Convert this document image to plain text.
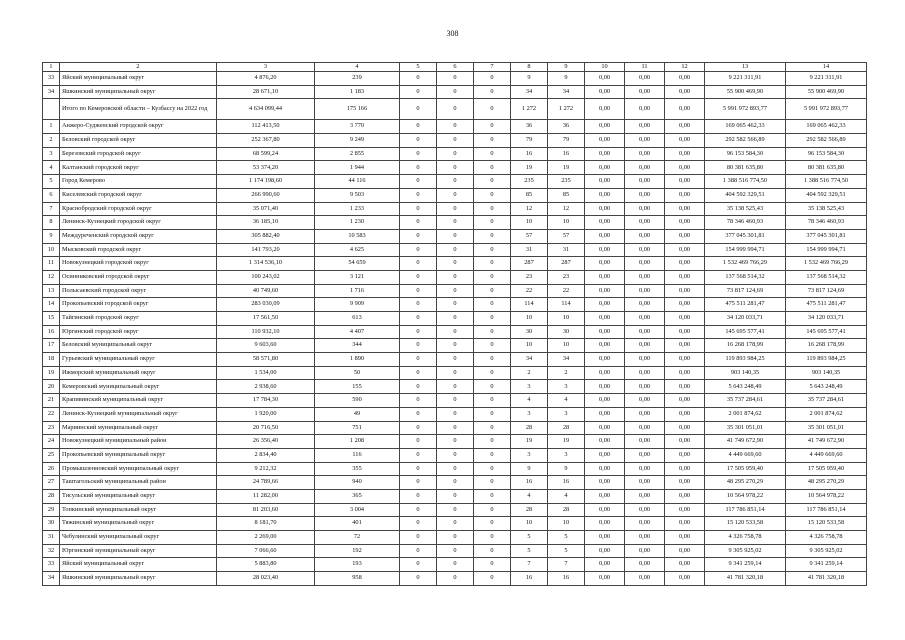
308
1	2	3	4	5	6	7	8	9	10	11	12	13	14
33	Яйский муниципальный округ	4 876,20	239	0	0	0	9	9	0,00	0,00	0,00	9 221 311,91	9 221 311,91
34	Яшкинский муниципальный округ	28 671,10	1 183	0	0	0	34	34	0,00	0,00	0,00	55 900 469,90	55 900 469,90
	Итого по Кемеровской области – Кузбассу на 2022 год	4 634 099,44	175 166	0	0	0	1 272	1 272	0,00	0,00	0,00	5 991 972 893,77	5 991 972 893,77
1	Анжеро-Судженский городской округ	112 413,50	3 770	0	0	0	36	36	0,00	0,00	0,00	169 065 462,33	169 065 462,33
2	Беловский городской округ	252 367,80	9 249	0	0	0	79	79	0,00	0,00	0,00	292 582 566,89	292 582 566,89
3	Березовский городской округ	68 599,24	2 855	0	0	0	16	16	0,00	0,00	0,00	96 153 584,30	96 153 584,30
4	Калтанский городской округ	53 374,20	1 944	0	0	0	19	19	0,00	0,00	0,00	80 381 635,80	80 381 635,80
5	Город Кемерово	1 174 198,60	44 116	0	0	0	235	235	0,00	0,00	0,00	1 388 516 774,50	1 388 516 774,50
6	Киселевский городской округ	266 990,60	9 503	0	0	0	85	85	0,00	0,00	0,00	404 592 329,51	404 592 329,51
7	Краснобродский городской округ	35 071,40	1 233	0	0	0	12	12	0,00	0,00	0,00	35 138 525,43	35 138 525,43
8	Ленинск-Кузнецкий городской округ	36 185,10	1 230	0	0	0	10	10	0,00	0,00	0,00	78 346 460,93	78 346 460,93
9	Междуреченский городской округ	305 882,40	10 583	0	0	0	57	57	0,00	0,00	0,00	377 045 301,81	377 045 301,81
10	Мысковский городской округ	141 793,20	4 625	0	0	0	31	31	0,00	0,00	0,00	154 999 994,71	154 999 994,71
11	Новокузнецкий городской округ	1 314 536,10	54 659	0	0	0	287	287	0,00	0,00	0,00	1 532 469 766,29	1 532 469 766,29
12	Осинниковский городской округ	100 243,02	3 121	0	0	0	23	23	0,00	0,00	0,00	137 568 514,32	137 568 514,32
13	Полысаевский городской округ	40 749,60	1 716	0	0	0	22	22	0,00	0,00	0,00	73 817 124,69	73 817 124,69
14	Прокопьевский городской округ	283 030,09	9 909	0	0	0	114	114	0,00	0,00	0,00	475 511 281,47	475 511 281,47
15	Тайгинский городской округ	17 561,50	613	0	0	0	10	10	0,00	0,00	0,00	34 120 033,71	34 120 033,71
16	Юргинский городской округ	110 932,10	4 407	0	0	0	30	30	0,00	0,00	0,00	145 695 577,41	145 695 577,41
17	Беловский муниципальный округ	9 603,60	344	0	0	0	10	10	0,00	0,00	0,00	16 268 178,99	16 268 178,99
18	Гурьевский муниципальный округ	58 571,80	1 890	0	0	0	34	34	0,00	0,00	0,00	119 893 984,25	119 893 984,25
19	Ижморский муниципальный округ	1 534,00	50	0	0	0	2	2	0,00	0,00	0,00	903 140,35	903 140,35
20	Кемеровский муниципальный округ	2 938,60	155	0	0	0	3	3	0,00	0,00	0,00	5 643 248,49	5 643 248,49
21	Крапивинский муниципальный округ	17 784,30	590	0	0	0	4	4	0,00	0,00	0,00	35 737 284,61	35 737 284,61
22	Ленинск-Кузнецкий муниципальный округ	1 920,00	49	0	0	0	3	3	0,00	0,00	0,00	2 001 874,62	2 001 874,62
23	Мариинский муниципальный округ	20 716,50	751	0	0	0	28	28	0,00	0,00	0,00	35 301 051,01	35 301 051,01
24	Новокузнецкий муниципальный район	26 356,40	1 208	0	0	0	19	19	0,00	0,00	0,00	41 749 672,90	41 749 672,90
25	Прокопьевский муниципальный округ	2 834,40	116	0	0	0	3	3	0,00	0,00	0,00	4 449 669,60	4 449 669,60
26	Промышленновский муниципальный округ	9 212,32	355	0	0	0	9	9	0,00	0,00	0,00	17 505 959,40	17 505 959,40
27	Таштагольский муниципальный район	24 789,66	940	0	0	0	16	16	0,00	0,00	0,00	48 295 270,29	48 295 270,29
28	Тисульский муниципальный округ	11 282,00	365	0	0	0	4	4	0,00	0,00	0,00	10 564 978,22	10 564 978,22
29	Топкинский муниципальный округ	81 203,60	3 004	0	0	0	28	28	0,00	0,00	0,00	117 786 851,14	117 786 851,14
30	Тяжинский муниципальный округ	8 181,70	401	0	0	0	10	10	0,00	0,00	0,00	15 120 533,58	15 120 533,58
31	Чебулинский муниципальный округ	2 269,00	72	0	0	0	5	5	0,00	0,00	0,00	4 326 758,78	4 326 758,78
32	Юргинский муниципальный округ	7 066,60	192	0	0	0	5	5	0,00	0,00	0,00	9 305 925,02	9 305 925,02
33	Яйский муниципальный округ	5 883,80	193	0	0	0	7	7	0,00	0,00	0,00	9 341 259,14	9 341 259,14
34	Яшкинский муниципальный округ	28 023,40	958	0	0	0	16	16	0,00	0,00	0,00	41 781 320,18	41 781 320,18
